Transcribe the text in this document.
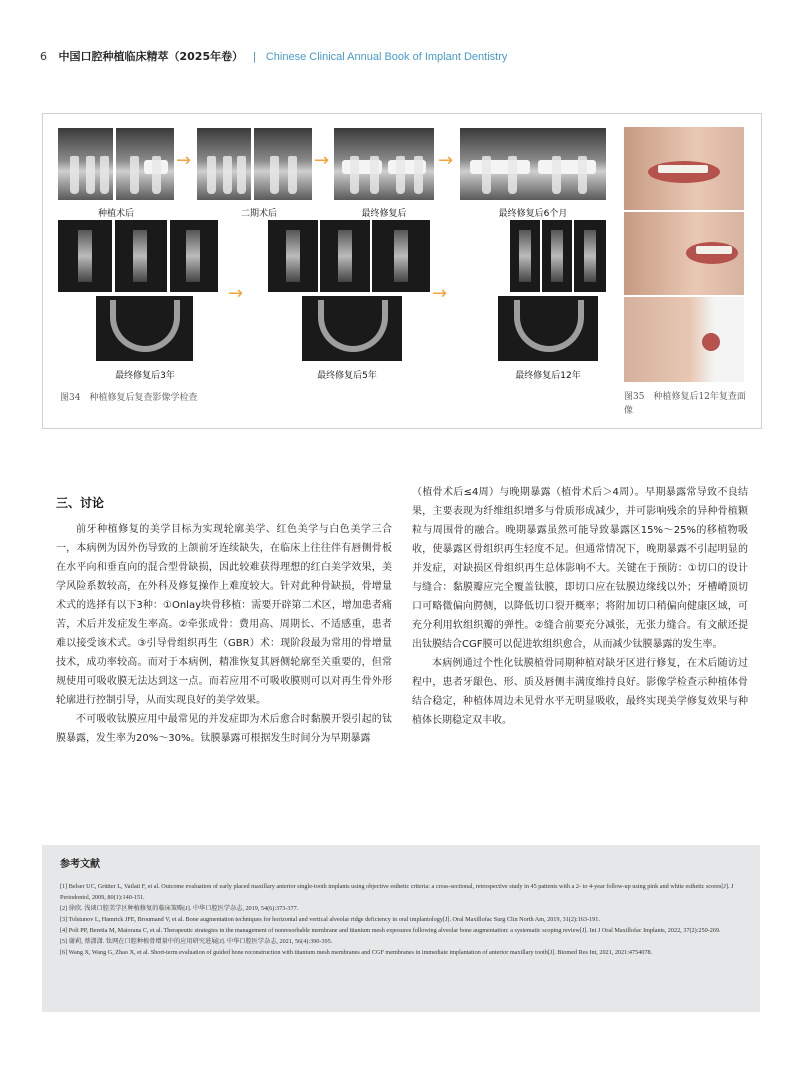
6 中国口腔种植临床精萃（2025年卷） | Chinese Clinical Annual Book of Implant Dentistry
种植术后	二期术后	最终修复后	最终修复后6个月
最终修复后3年	最终修复后5年	最终修复后12年
→	→	→
→	→
图34　种植修复后复查影像学检查	图35　种植修复后12年复查面像
三、讨论

前牙种植修复的美学目标为实现轮廓美学、红色美学与白色美学三合一，本病例为因外伤导致的上颌前牙连续缺失，在临床上往往伴有唇侧骨板在水平向和垂直向的混合型骨缺损，因此较难获得理想的红白美学效果，美学风险系数较高，在外科及修复操作上难度较大。针对此种骨缺损，骨增量术式的选择有以下3种：①Onlay块骨移植：需要开辟第二术区，增加患者痛苦，术后并发症发生率高。②牵张成骨：费用高、周期长、不适感重，患者难以接受该术式。③引导骨组织再生（GBR）术：现阶段最为常用的骨增量技术，成功率较高。而对于本病例，精准恢复其唇侧轮廓至关重要的，但常规使用可吸收膜无法达到这一点。而若应用不可吸收膜则可以对再生骨外形轮廓进行控制引导，从而实现良好的美学效果。

不可吸收钛膜应用中最常见的并发症即为术后愈合时黏膜开裂引起的钛膜暴露，发生率为20%～30%。钛膜暴露可根据发生时间分为早期暴露

（植骨术后≤4周）与晚期暴露（植骨术后＞4周）。早期暴露常导致不良结果，主要表现为纤维组织增多与骨质形成减少，并可影响残余的异种骨植颗粒与周围骨的融合。晚期暴露虽然可能导致暴露区15%～25%的移植物吸收，使暴露区骨组织再生轻度不足。但通常情况下，晚期暴露不引起明显的并发症，对缺损区骨组织再生总体影响不大。关键在于预防：①切口的设计与缝合：黏膜瓣应完全覆盖钛膜，即切口应在钛膜边缘线以外；牙槽嵴顶切口可略微偏向腭侧，以降低切口裂开概率；将附加切口稍偏向健康区域，可充分利用软组织瓣的弹性。②缝合前要充分减张，无张力缝合。有文献还提出钛膜结合CGF膜可以促进软组织愈合，从而减少钛膜暴露的发生率。

本病例通过个性化钛膜植骨同期种植对缺牙区进行修复，在术后随访过程中，患者牙龈色、形、质及唇侧丰满度维持良好。影像学检查示种植体骨结合稳定，种植体周边未见骨水平无明显吸收，最终实现美学修复效果与种植体长期稳定双丰收。

参考文献
[1] Belser UC, Grütter L, Vailati F, et al. Outcome evaluation of early placed maxillary anterior single-tooth implants using objective esthetic criteria: a cross-sectional, retrospective study in 45 patients with a 2- to 4-year follow-up using pink and white esthetic scores[J]. J Periodontol, 2009, 80(1):140-151.
[2] 徐欣. 浅谈口腔美学区种植修复的临床策略[J]. 中华口腔医学杂志, 2019, 54(6):373-377.
[3] Tolstunov L, Hamrick JFE, Broumand V, et al. Bone augmentation techniques for horizontal and vertical alveolar ridge deficiency in oral implantology[J]. Oral Maxillofac Surg Clin North Am, 2019, 31(2):163-191.
[4] Poli PP, Beretta M, Maiorana C, et al. Therapeutic strategies in the management of nonresorbable membrane and titanium mesh exposures following alveolar bone augmentation: a systematic scoping review[J]. Int J Oral Maxillofac Implants, 2022, 37(2):250-269.
[5] 谢莉, 蔡潇潇. 钛网在口腔种植骨增量中的应用研究进展[J]. 中华口腔医学杂志, 2021, 56(4):390-395.
[6] Wang X, Wang G, Zhao X, et al. Short-term evaluation of guided bone reconstruction with titanium mesh membranes and CGF membranes in immediate implantation of anterior maxillary tooth[J]. Biomed Res Int, 2021, 2021:4754078.
